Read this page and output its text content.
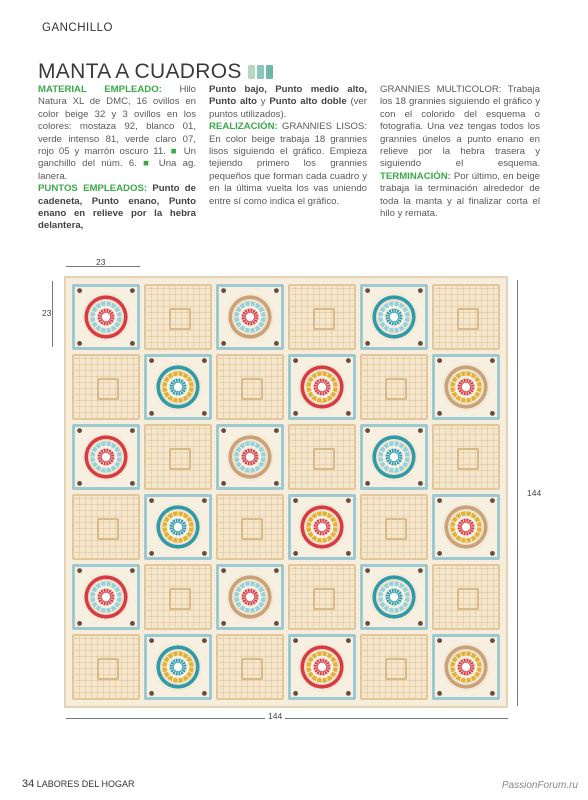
GANCHILLO
MANTA A CUADROS
MATERIAL EMPLEADO: Hilo Natura XL de DMC, 16 ovillos en color beige 32 y 3 ovillos en los colores: mostaza 92, blanco 01, verde intenso 81, verde claro 07, rojo 05 y marrón oscuro 11. ■ Un ganchillo del núm. 6. ■ Una ag. lanera.
PUNTOS EMPLEADOS: Punto de cadeneta, Punto enano, Punto enano en relieve por la hebra delantera,
Punto bajo, Punto medio alto, Punto alto y Punto alto doble (ver puntos utilizados).
REALIZACIÓN: GRANNIES LISOS: En color beige trabaja 18 grannies lisos siguiendo el gráfico. Empieza tejiendo primero los grannies pequeños que forman cada cuadro y en la última vuelta los vas uniendo entre sí como indica el gráfico.
GRANNIES MULTICOLOR: Trabaja los 18 grannies siguiendo el gráfico y con el colorido del esquema o fotografía. Una vez tengas todos los grannies únelos a punto enano en relieve por la hebra trasera y siguiendo el esquema. TERMINACIÓN: Por último, en beige trabaja la terminación alrededor de toda la manta y al finalizar corta el hilo y remata.
23
23
144
144
34 LABORES DEL HOGAR	PassionForum.ru
